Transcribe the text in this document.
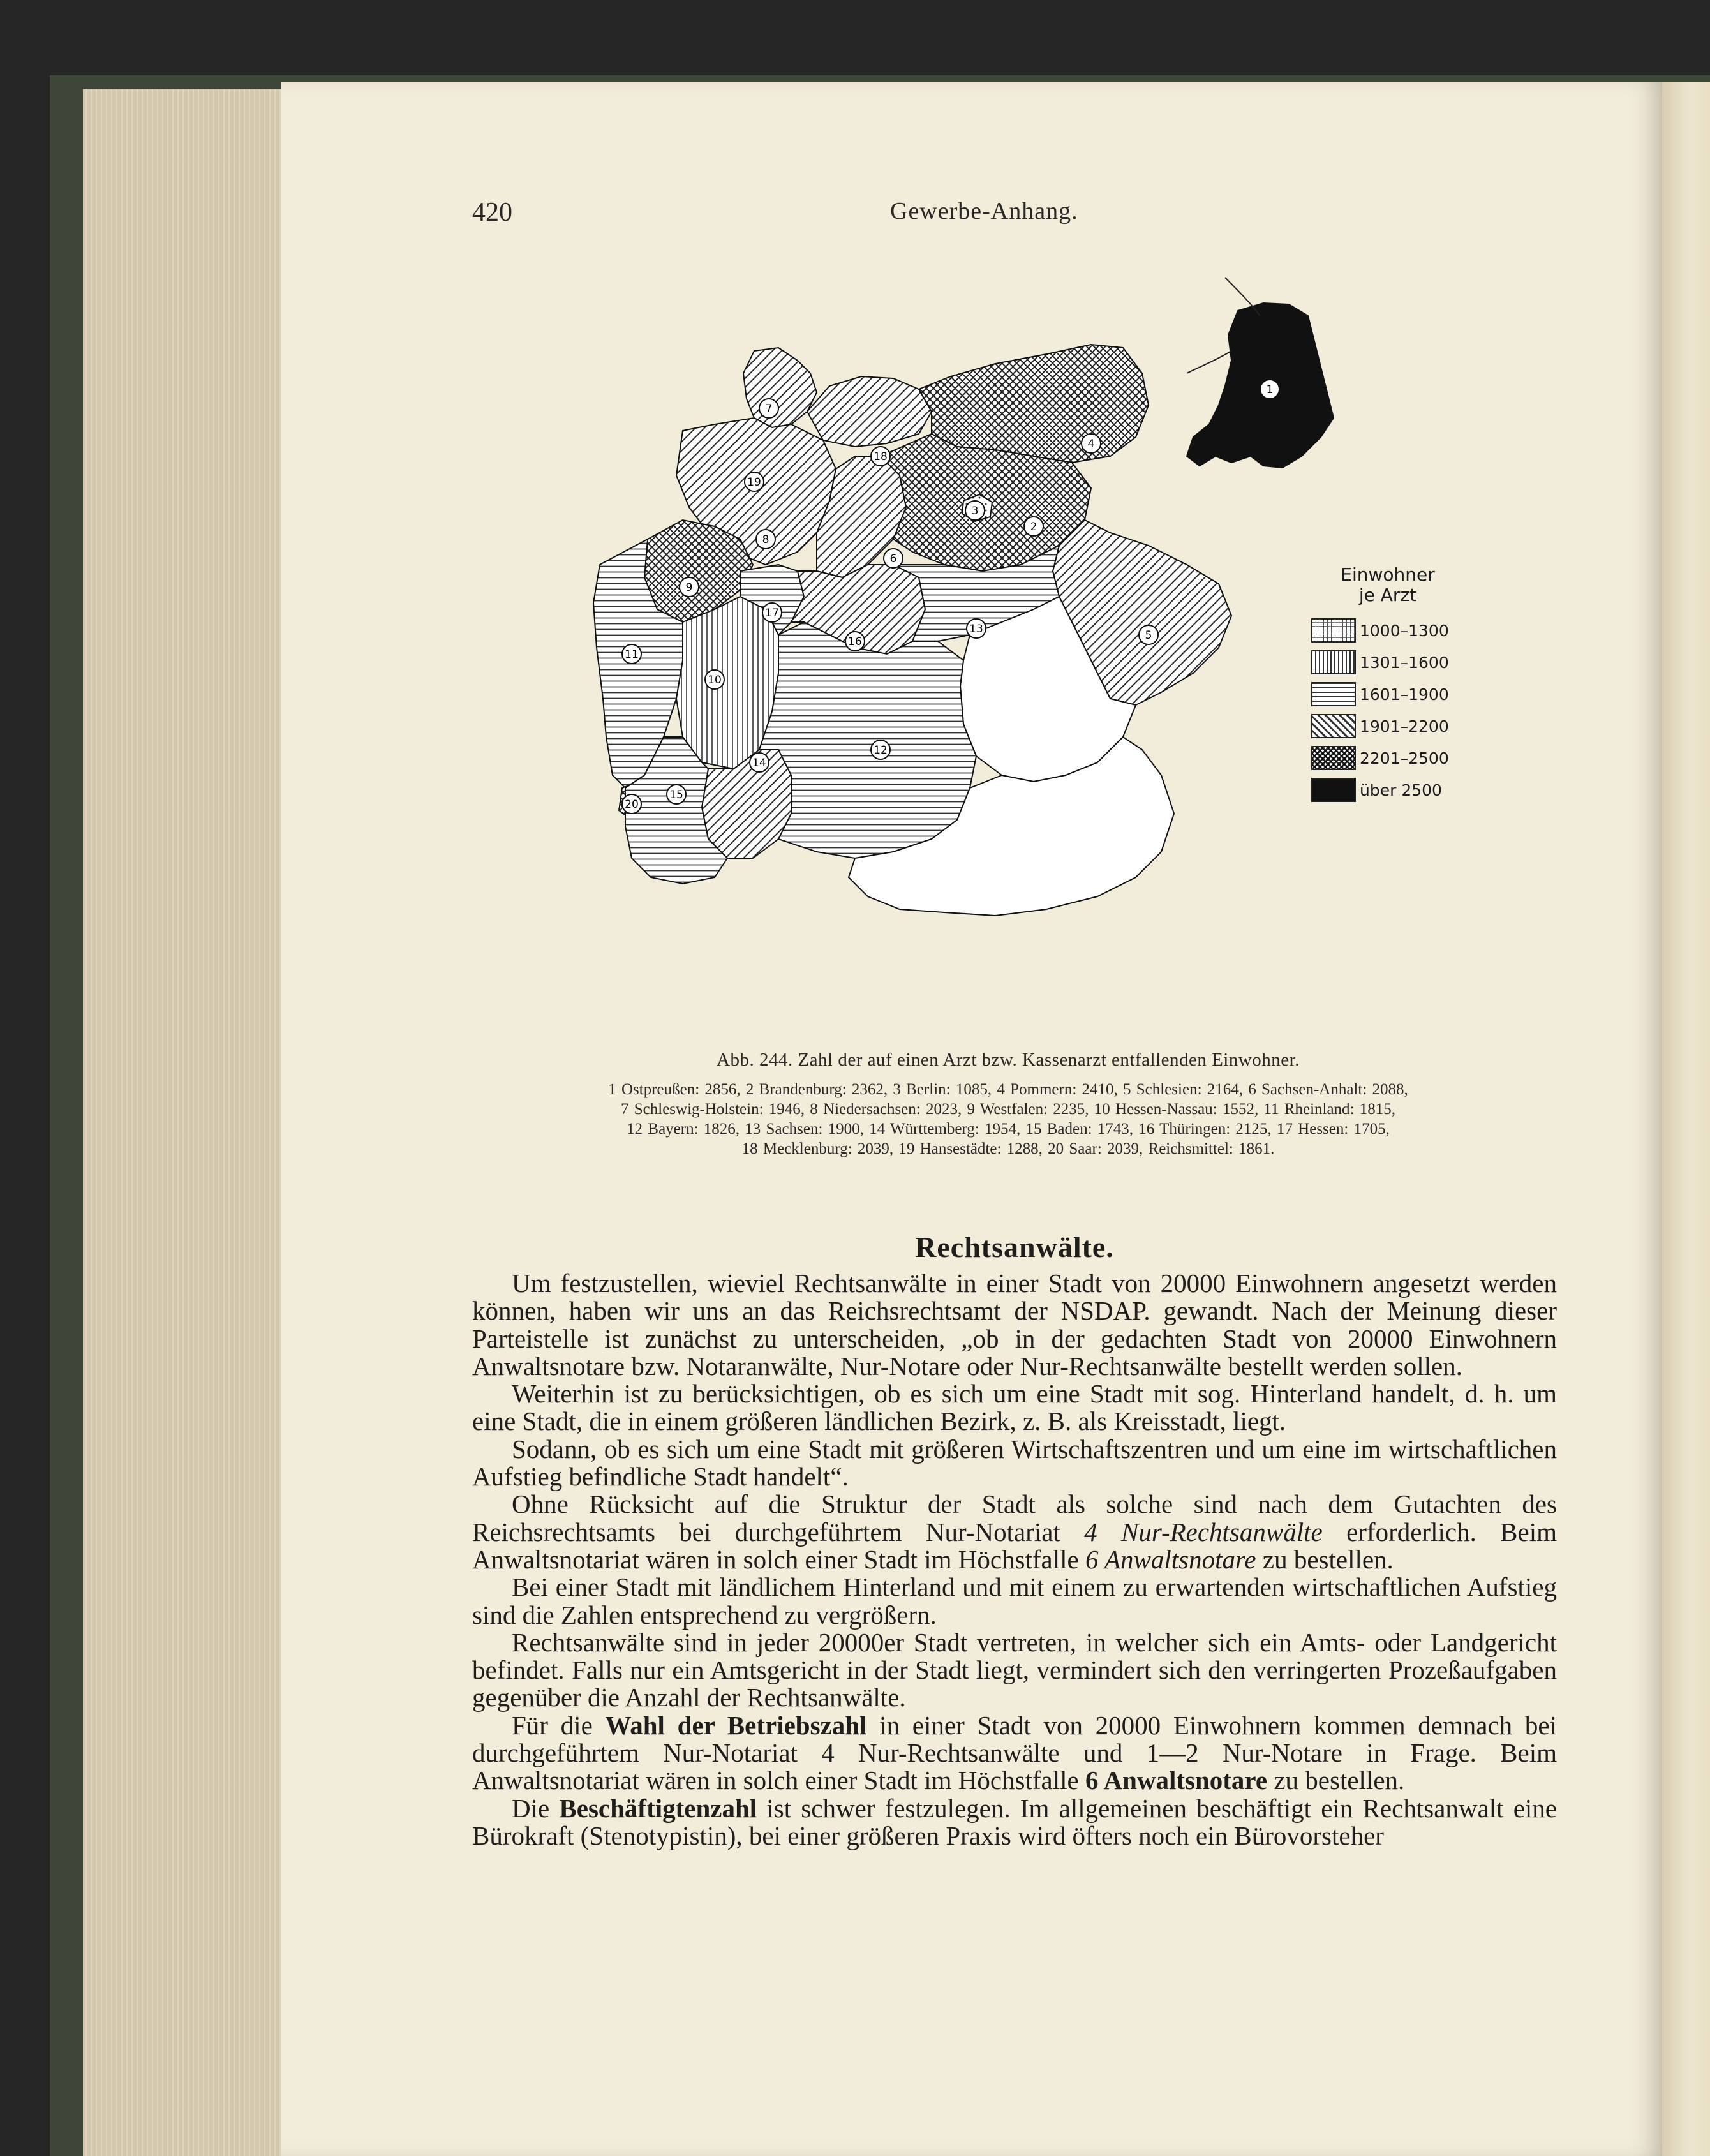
420	Gewerbe-Anhang.
1
2
3
4
5
6
7
8
9
10
11
12
13
14
15
16
17
18
19
20
Einwohner
je Arzt
1000–1300
1301–1600
1601–1900
1901–2200
2201–2500
über 2500
Abb. 244. Zahl der auf einen Arzt bzw. Kassenarzt entfallenden Einwohner.
1 Ostpreußen: 2856, 2 Brandenburg: 2362, 3 Berlin: 1085, 4 Pommern: 2410, 5 Schlesien: 2164, 6 Sachsen-Anhalt: 2088,
7 Schleswig-Holstein: 1946, 8 Niedersachsen: 2023, 9 Westfalen: 2235, 10 Hessen-Nassau: 1552, 11 Rheinland: 1815,
12 Bayern: 1826, 13 Sachsen: 1900, 14 Württemberg: 1954, 15 Baden: 1743, 16 Thüringen: 2125, 17 Hessen: 1705,
18 Mecklenburg: 2039, 19 Hansestädte: 1288, 20 Saar: 2039, Reichsmittel: 1861.
Rechtsanwälte.

Um festzustellen, wieviel Rechtsanwälte in einer Stadt von 20000 Einwohnern angesetzt werden können, haben wir uns an das Reichsrechtsamt der NSDAP. gewandt. Nach der Meinung dieser Parteistelle ist zunächst zu unterscheiden, „ob in der gedachten Stadt von 20000 Einwohnern Anwaltsnotare bzw. Notaranwälte, Nur-Notare oder Nur-Rechtsanwälte bestellt werden sollen.

Weiterhin ist zu berücksichtigen, ob es sich um eine Stadt mit sog. Hinterland handelt, d. h. um eine Stadt, die in einem größeren ländlichen Bezirk, z. B. als Kreisstadt, liegt.

Sodann, ob es sich um eine Stadt mit größeren Wirtschaftszentren und um eine im wirtschaftlichen Aufstieg befindliche Stadt handelt“.

Ohne Rücksicht auf die Struktur der Stadt als solche sind nach dem Gutachten des Reichsrechtsamts bei durchgeführtem Nur-Notariat 4 Nur-Rechtsanwälte erforderlich. Beim Anwaltsnotariat wären in solch einer Stadt im Höchstfalle 6 Anwaltsnotare zu bestellen.

Bei einer Stadt mit ländlichem Hinterland und mit einem zu erwartenden wirtschaftlichen Aufstieg sind die Zahlen entsprechend zu vergrößern.

Rechtsanwälte sind in jeder 20000er Stadt vertreten, in welcher sich ein Amts- oder Landgericht befindet. Falls nur ein Amtsgericht in der Stadt liegt, vermindert sich den verringerten Prozeßaufgaben gegenüber die Anzahl der Rechtsanwälte.

Für die Wahl der Betriebszahl in einer Stadt von 20000 Einwohnern kommen demnach bei durchgeführtem Nur-Notariat 4 Nur-Rechtsanwälte und 1—2 Nur-Notare in Frage. Beim Anwaltsnotariat wären in solch einer Stadt im Höchstfalle 6 Anwaltsnotare zu bestellen.

Die Beschäftigtenzahl ist schwer festzulegen. Im allgemeinen beschäftigt ein Rechtsanwalt eine Bürokraft (Stenotypistin), bei einer größeren Praxis wird öfters noch ein Bürovorsteher
